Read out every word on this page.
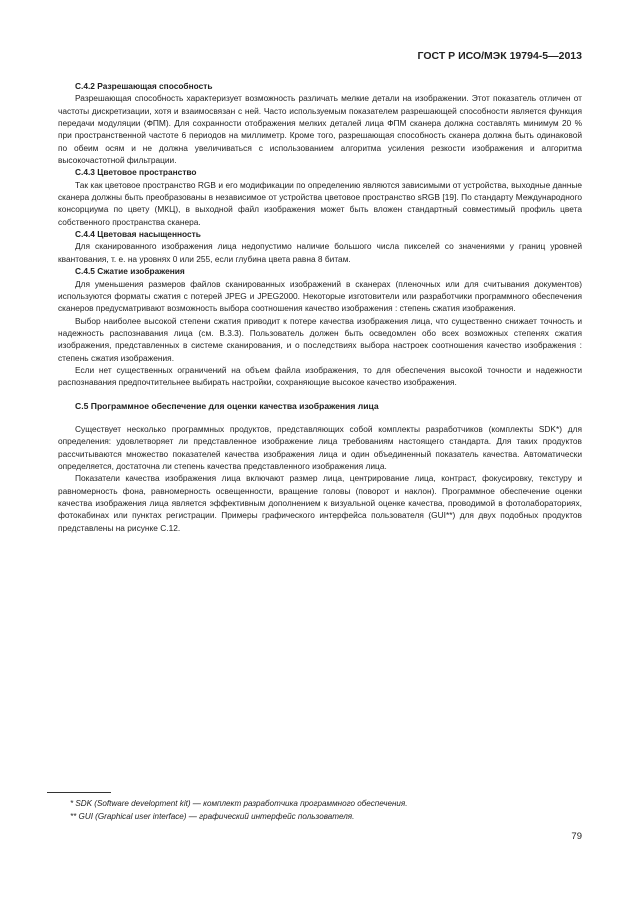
ГОСТ Р ИСО/МЭК 19794-5—2013
С.4.2 Разрешающая способность

Разрешающая способность характеризует возможность различать мелкие детали на изображении. Этот показатель отличен от частоты дискретизации, хотя и взаимосвязан с ней. Часто используемым показателем разрешающей способности является функция передачи модуляции (ФПМ). Для сохранности отображения мелких деталей лица ФПМ сканера должна составлять минимум 20 % при пространственной частоте 6 периодов на миллиметр. Кроме того, разрешающая способность сканера должна быть одинаковой по обеим осям и не должна увеличиваться с использованием алгоритма усиления резкости изображения и алгоритма высокочастотной фильтрации.

С.4.3 Цветовое пространство

Так как цветовое пространство RGB и его модификации по определению являются зависимыми от устройства, выходные данные сканера должны быть преобразованы в независимое от устройства цветовое пространство sRGB [19]. По стандарту Международного консорциума по цвету (МКЦ), в выходной файл изображения может быть вложен стандартный совместимый профиль цвета собственного пространства сканера.

С.4.4 Цветовая насыщенность

Для сканированного изображения лица недопустимо наличие большого числа пикселей со значениями у границ уровней квантования, т. е. на уровнях 0 или 255, если глубина цвета равна 8 битам.

С.4.5 Сжатие изображения

Для уменьшения размеров файлов сканированных изображений в сканерах (пленочных или для считывания документов) используются форматы сжатия с потерей JPEG и JPEG2000. Некоторые изготовители или разработчики программного обеспечения сканеров предусматривают возможность выбора соотношения качество изображения : степень сжатия изображения.

Выбор наиболее высокой степени сжатия приводит к потере качества изображения лица, что существенно снижает точность и надежность распознавания лица (см. В.3.3). Пользователь должен быть осведомлен обо всех возможных степенях сжатия изображения, представленных в системе сканирования, и о последствиях выбора настроек соотношения качество изображения : степень сжатия изображения.

Если нет существенных ограничений на объем файла изображения, то для обеспечения высокой точности и надежности распознавания предпочтительнее выбирать настройки, сохраняющие высокое качество изображения.

С.5 Программное обеспечение для оценки качества изображения лица

Существует несколько программных продуктов, представляющих собой комплекты разработчиков (комплекты SDK*) для определения: удовлетворяет ли представленное изображение лица требованиям настоящего стандарта. Для таких продуктов рассчитываются множество показателей качества изображения лица и один объединенный показатель качества. Автоматически определяется, достаточна ли степень качества представленного изображения лица.

Показатели качества изображения лица включают размер лица, центрирование лица, контраст, фокусировку, текстуру и равномерность фона, равномерность освещенности, вращение головы (поворот и наклон). Программное обеспечение оценки качества изображения лица является эффективным дополнением к визуальной оценке качества, проводимой в фотолабораториях, фотокабинах или пунктах регистрации. Примеры графического интерфейса пользователя (GUI**) для двух подобных продуктов представлены на рисунке С.12.

* SDK (Software development kit) — комплект разработчика программного обеспечения.
** GUI (Graphical user interface) — графический интерфейс пользователя.
79
